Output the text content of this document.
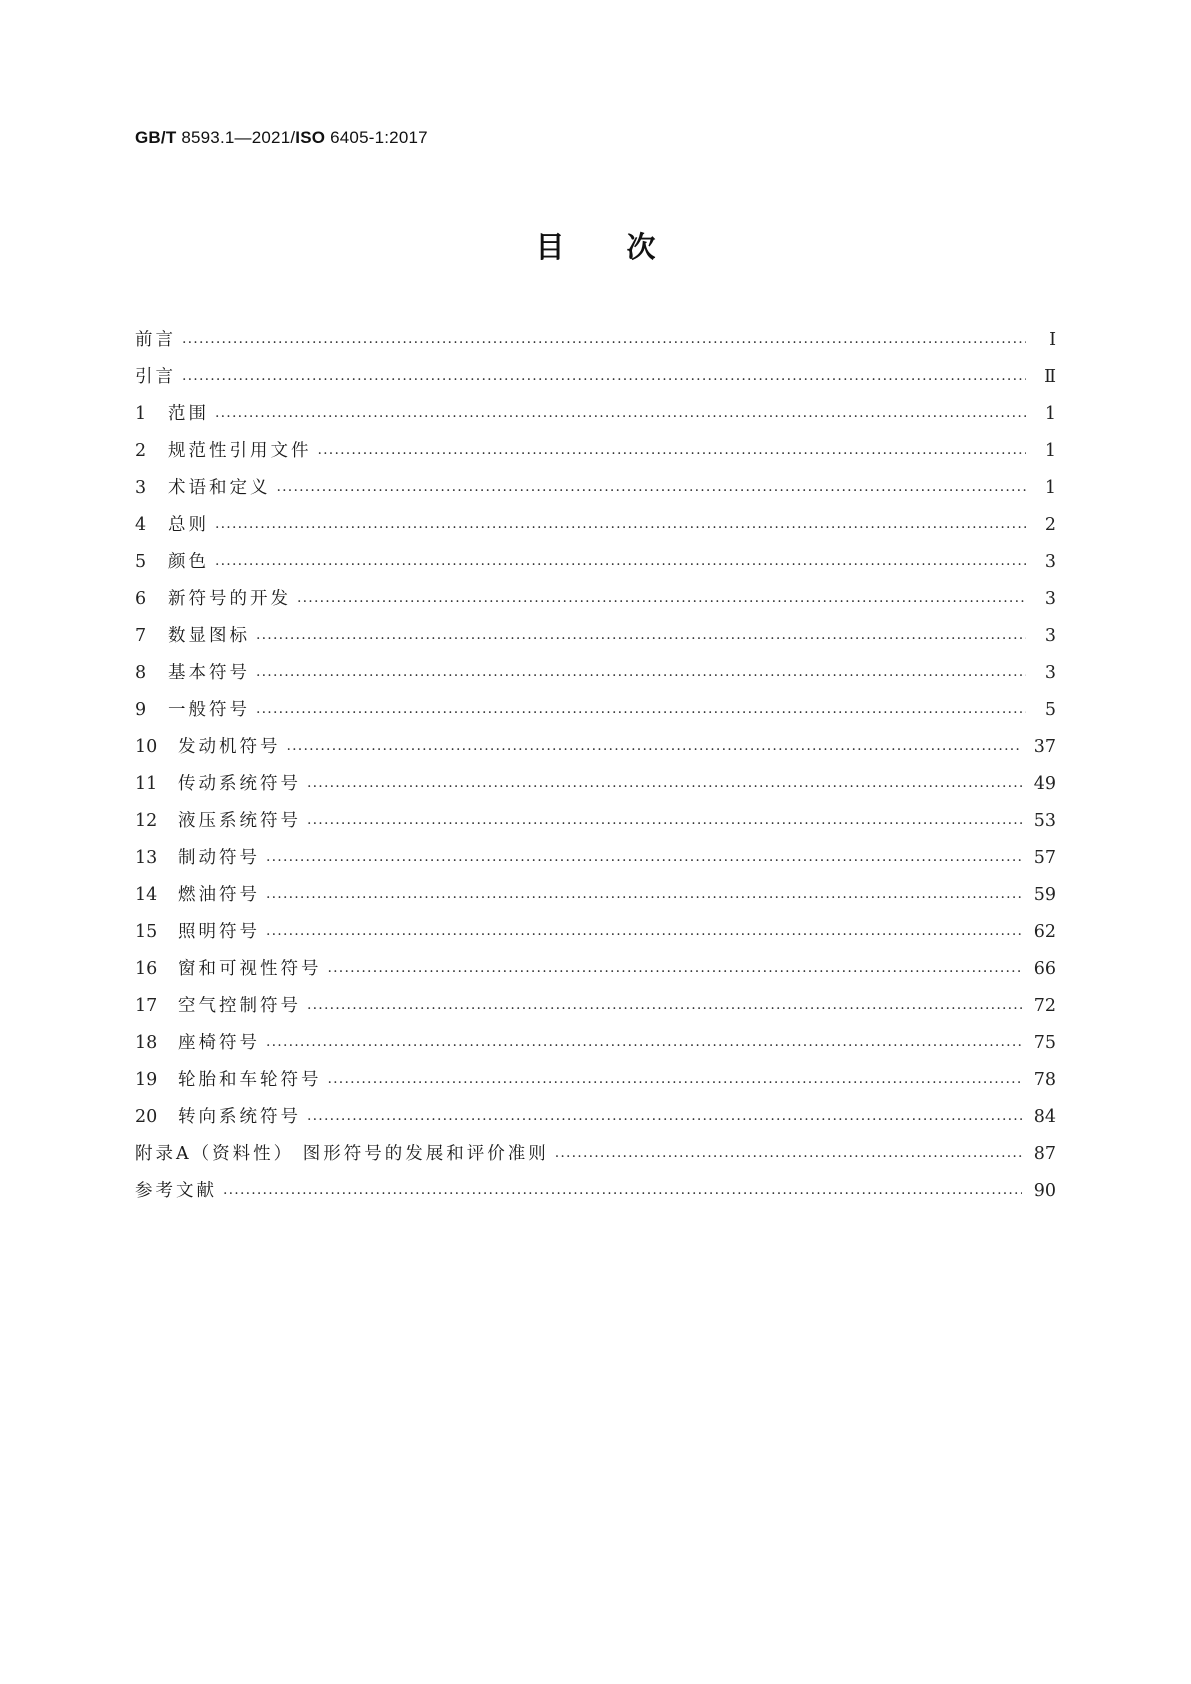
GB/T 8593.1—2021/ISO 6405-1:2017
目次
前言 .....	Ⅰ
引言 .....	Ⅱ
1	范围 .....	1
2	规范性引用文件 .....	1
3	术语和定义 .....	1
4	总则 .....	2
5	颜色 .....	3
6	新符号的开发 .....	3
7	数显图标 .....	3
8	基本符号 .....	3
9	一般符号 .....	5
10	发动机符号 .....	37
11	传动系统符号 .....	49
12	液压系统符号 .....	53
13	制动符号 .....	57
14	燃油符号 .....	59
15	照明符号 .....	62
16	窗和可视性符号 .....	66
17	空气控制符号 .....	72
18	座椅符号 .....	75
19	轮胎和车轮符号 .....	78
20	转向系统符号 .....	84
附录A（资料性） 图形符号的发展和评价准则 .....	87
参考文献 .....	90
